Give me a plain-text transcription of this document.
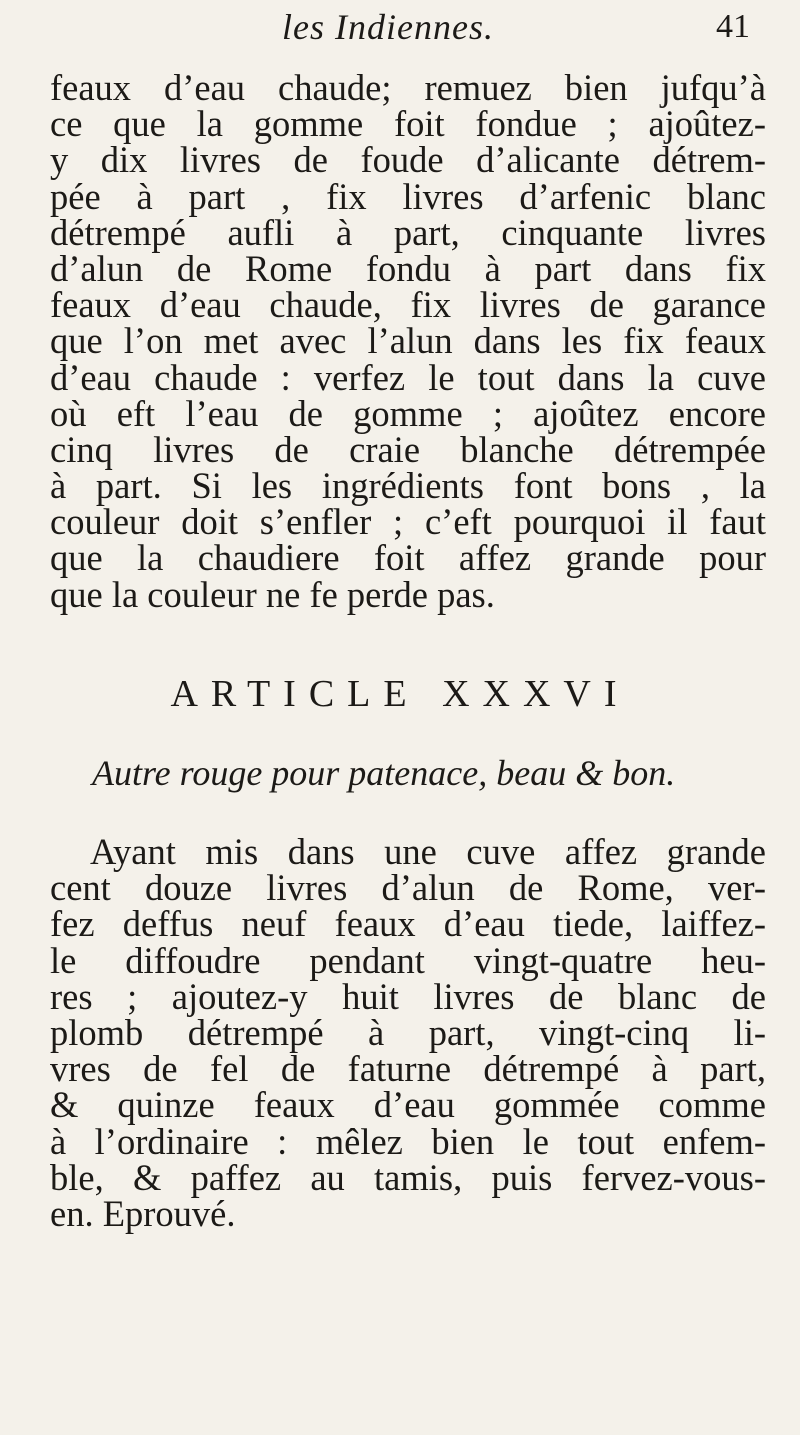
les Indiennes.	41
feaux d’eau chaude; remuez bien jufqu’à
ce que la gomme foit fondue ; ajoûtez-
y dix livres de foude d’alicante détrem-
pée à part , fix livres d’arfenic blanc
détrempé aufli à part, cinquante livres
d’alun de Rome fondu à part dans fix
feaux d’eau chaude, fix livres de garance
que l’on met avec l’alun dans les fix feaux
d’eau chaude : verfez le tout dans la cuve
où eft l’eau de gomme ; ajoûtez encore
cinq livres de craie blanche détrempée
à part. Si les ingrédients font bons , la
couleur doit s’enfler ; c’eft pourquoi il faut
que la chaudiere foit affez grande pour
que la couleur ne fe perde pas.
ARTICLE XXXVI
Autre rouge pour patenace, beau & bon.
Ayant mis dans une cuve affez grande
cent douze livres d’alun de Rome, ver-
fez deffus neuf feaux d’eau tiede, laiffez-
le diffoudre pendant vingt-quatre heu-
res ; ajoutez-y huit livres de blanc de
plomb détrempé à part, vingt-cinq li-
vres de fel de faturne détrempé à part,
& quinze feaux d’eau gommée comme
à l’ordinaire : mêlez bien le tout enfem-
ble, & paffez au tamis, puis fervez-vous-
en. Eprouvé.
